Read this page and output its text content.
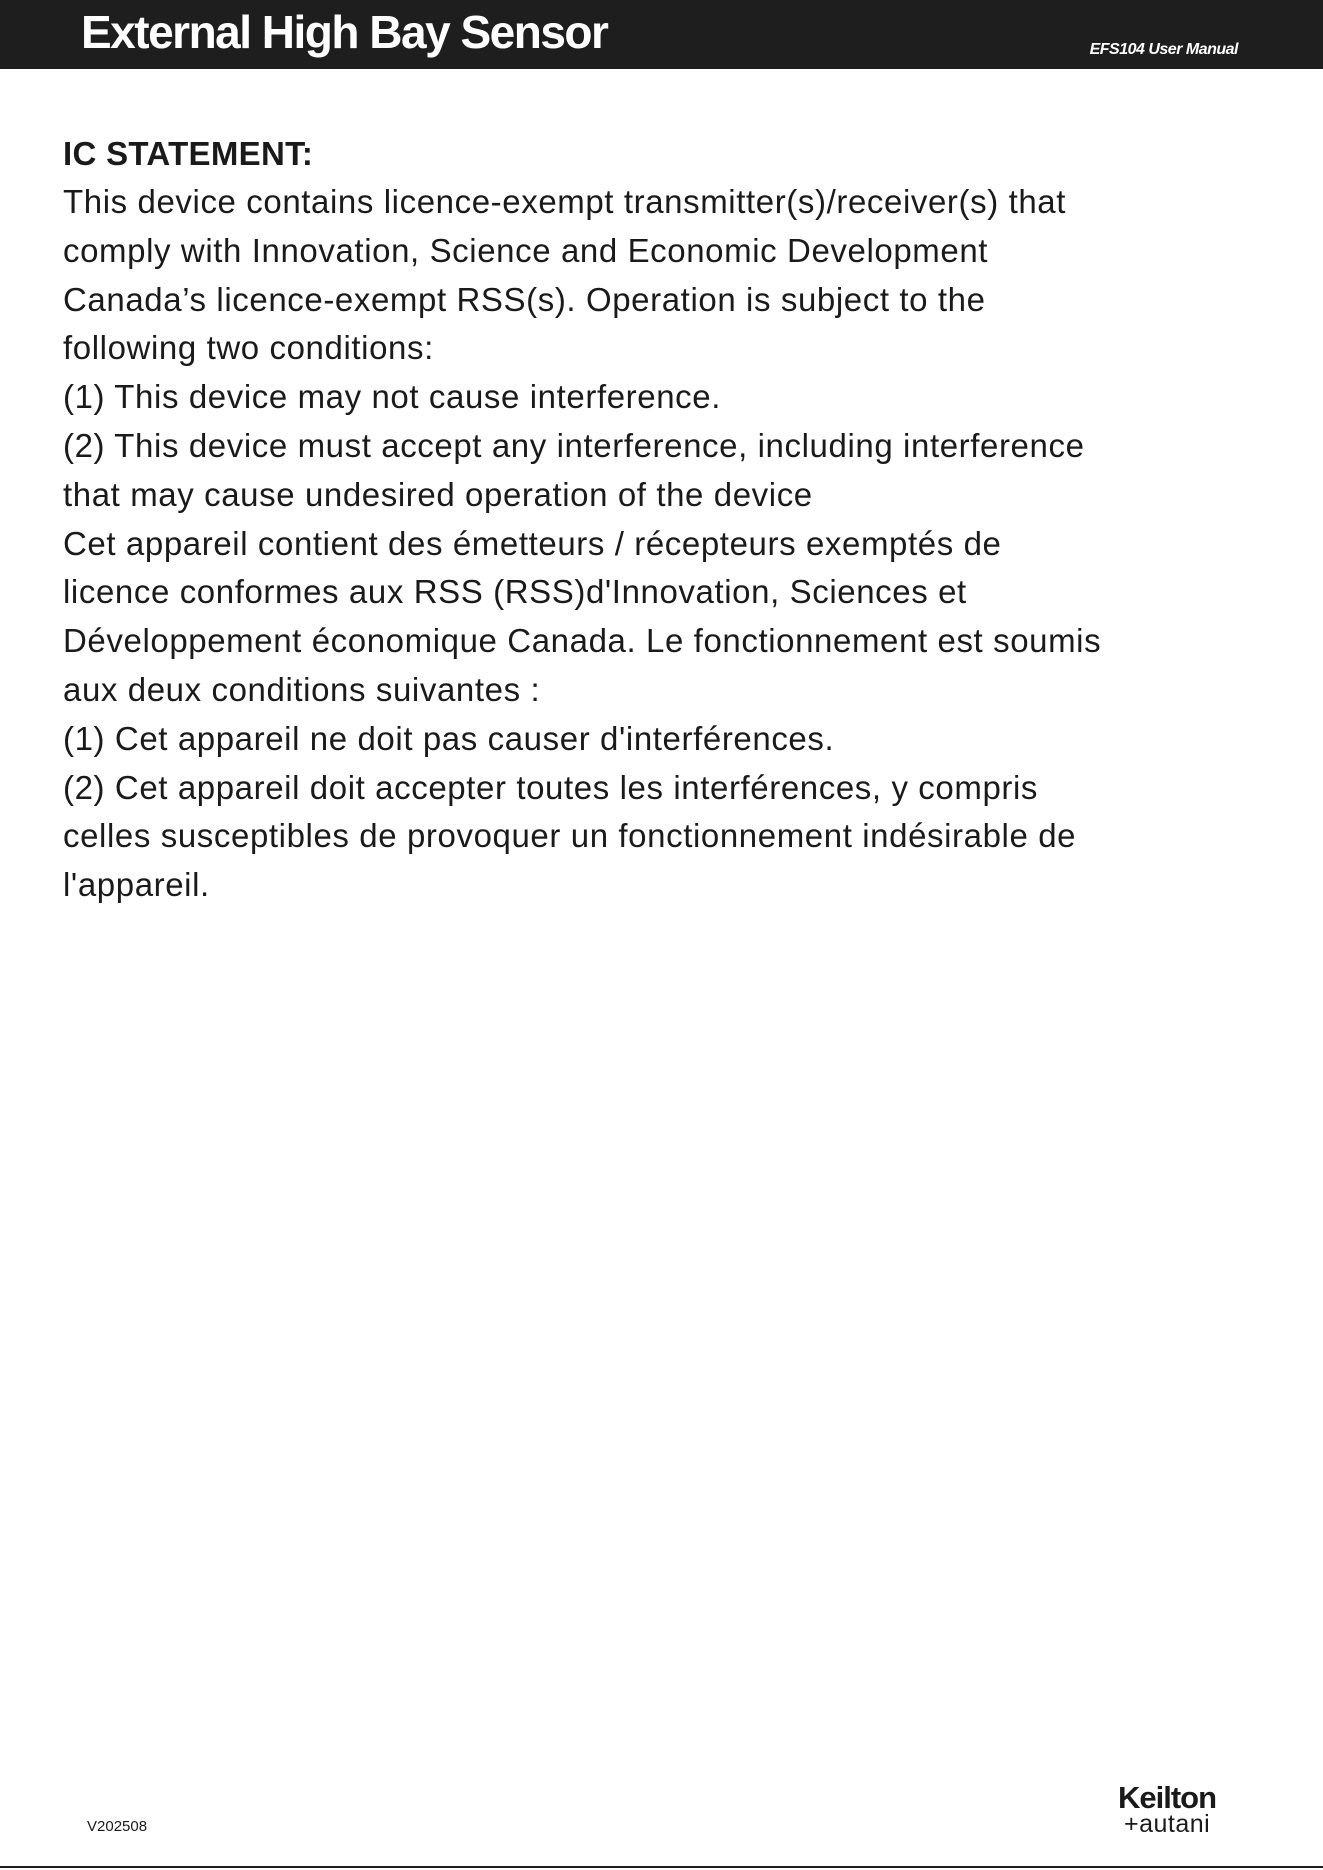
External High Bay Sensor	EFS104 User Manual
IC STATEMENT:

This device contains licence-exempt transmitter(s)/receiver(s) that

comply with Innovation, Science and Economic Development

Canada’s licence-exempt RSS(s). Operation is subject to the

following two conditions:

(1) This device may not cause interference.

(2) This device must accept any interference, including interference

that may cause undesired operation of the device

Cet appareil contient des émetteurs / récepteurs exemptés de

licence conformes aux RSS (RSS)d'Innovation, Sciences et

Développement économique Canada. Le fonctionnement est soumis

aux deux conditions suivantes :

(1) Cet appareil ne doit pas causer d'interférences.

(2) Cet appareil doit accepter toutes les interférences, y compris

celles susceptibles de provoquer un fonctionnement indésirable de

l'appareil.

V202508
Keilton
+autani
